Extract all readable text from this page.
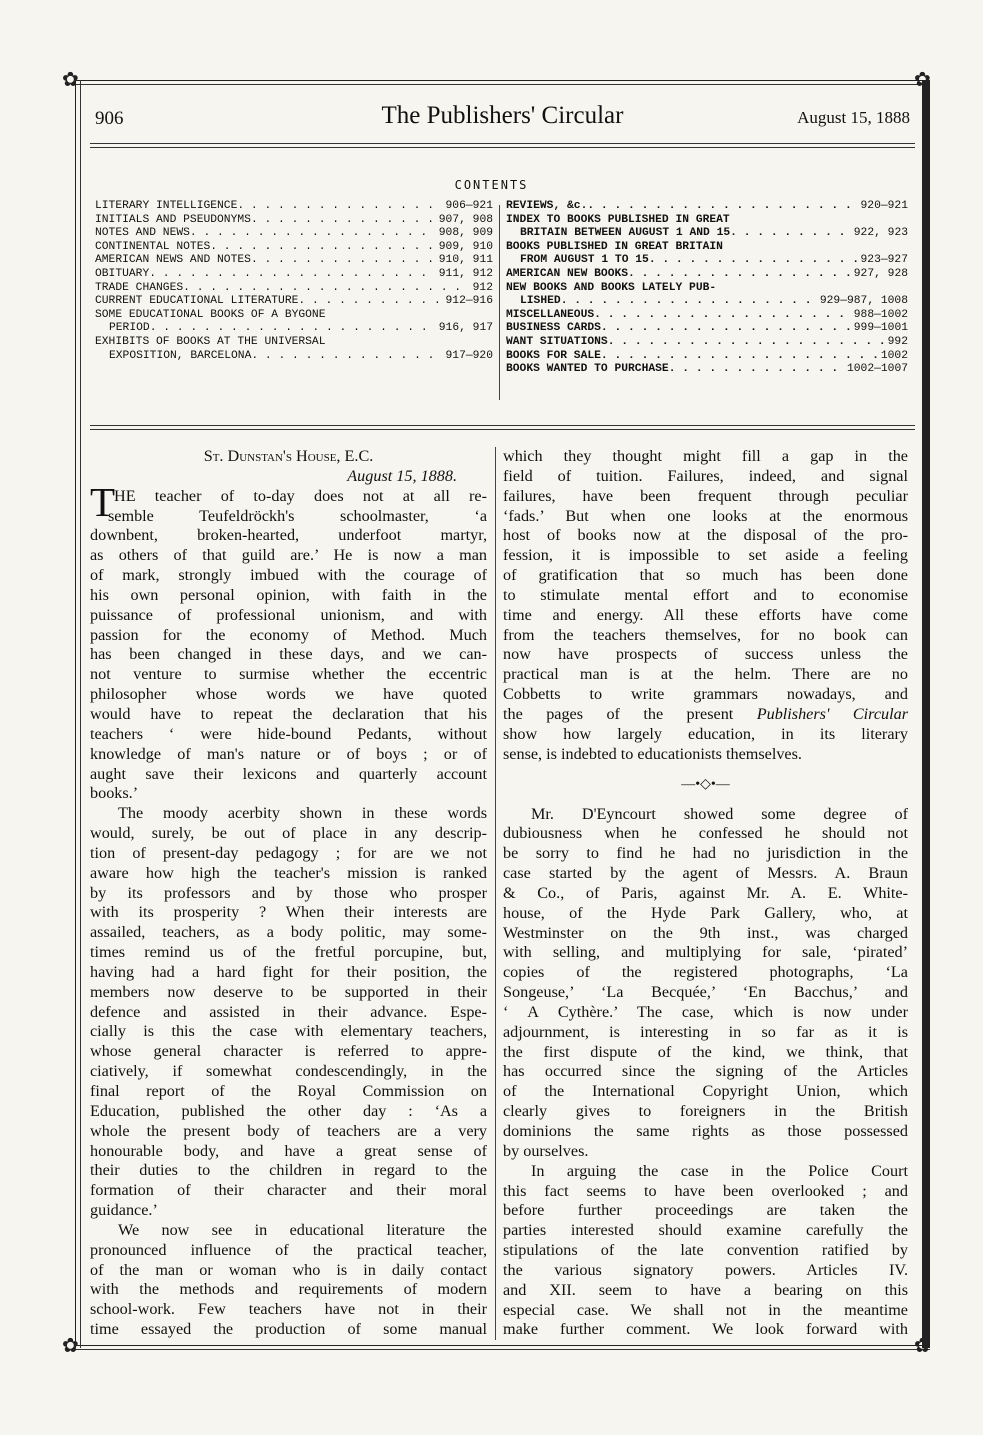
✿	✿
✿	✿
906	The Publishers' Circular	August 15, 1888
CONTENTS
LITERARY INTELLIGENCE . . .	906—921
INITIALS AND PSEUDONYMS . . .	907, 908
NOTES AND NEWS . . .	908, 909
CONTINENTAL NOTES . . .	909, 910
AMERICAN NEWS AND NOTES . . .	910, 911
OBITUARY . . .	911, 912
TRADE CHANGES . . .	912
CURRENT EDUCATIONAL LITERATURE . . .	912—916
SOME EDUCATIONAL BOOKS OF A BYGONE
PERIOD . . .	916, 917
EXHIBITS OF BOOKS AT THE UNIVERSAL
EXPOSITION, BARCELONA . . .	917—920
REVIEWS, &c. . . .	920—921
INDEX TO BOOKS PUBLISHED IN GREAT
BRITAIN BETWEEN AUGUST 1 AND 15 . . .	922, 923
BOOKS PUBLISHED IN GREAT BRITAIN
FROM AUGUST 1 TO 15 . . .	923—927
AMERICAN NEW BOOKS . . .	927, 928
NEW BOOKS AND BOOKS LATELY PUB-
LISHED . . .	929—987, 1008
MISCELLANEOUS . . .	988—1002
BUSINESS CARDS . . .	999—1001
WANT SITUATIONS . . .	992
BOOKS FOR SALE . . .	1002
BOOKS WANTED TO PURCHASE . . .	1002—1007
T
St. Dunstan's House, E.C.
August 15, 1888.
HE teacher of to-day does not at all re-
semble Teufeldröckh's schoolmaster, ‘a
downbent, broken-hearted, underfoot martyr,
as others of that guild are.’ He is now a man
of mark, strongly imbued with the courage of
his own personal opinion, with faith in the
puissance of professional unionism, and with
passion for the economy of Method. Much
has been changed in these days, and we can-
not venture to surmise whether the eccentric
philosopher whose words we have quoted
would have to repeat the declaration that his
teachers ‘ were hide-bound Pedants, without
knowledge of man's nature or of boys ; or of
aught save their lexicons and quarterly account
books.’
The moody acerbity shown in these words
would, surely, be out of place in any descrip-
tion of present-day pedagogy ; for are we not
aware how high the teacher's mission is ranked
by its professors and by those who prosper
with its prosperity ? When their interests are
assailed, teachers, as a body politic, may some-
times remind us of the fretful porcupine, but,
having had a hard fight for their position, the
members now deserve to be supported in their
defence and assisted in their advance. Espe-
cially is this the case with elementary teachers,
whose general character is referred to appre-
ciatively, if somewhat condescendingly, in the
final report of the Royal Commission on
Education, published the other day : ‘As a
whole the present body of teachers are a very
honourable body, and have a great sense of
their duties to the children in regard to the
formation of their character and their moral
guidance.’
We now see in educational literature the
pronounced influence of the practical teacher,
of the man or woman who is in daily contact
with the methods and requirements of modern
school-work. Few teachers have not in their
time essayed the production of some manual
which they thought might fill a gap in the
field of tuition. Failures, indeed, and signal
failures, have been frequent through peculiar
‘fads.’ But when one looks at the enormous
host of books now at the disposal of the pro-
fession, it is impossible to set aside a feeling
of gratification that so much has been done
to stimulate mental effort and to economise
time and energy. All these efforts have come
from the teachers themselves, for no book can
now have prospects of success unless the
practical man is at the helm. There are no
Cobbetts to write grammars nowadays, and
the pages of the present Publishers' Circular
show how largely education, in its literary
sense, is indebted to educationists themselves.
—•◇•—
Mr. D'Eyncourt showed some degree of
dubiousness when he confessed he should not
be sorry to find he had no jurisdiction in the
case started by the agent of Messrs. A. Braun
& Co., of Paris, against Mr. A. E. White-
house, of the Hyde Park Gallery, who, at
Westminster on the 9th inst., was charged
with selling, and multiplying for sale, ‘pirated’
copies of the registered photographs, ‘La
Songeuse,’ ‘La Becquée,’ ‘En Bacchus,’ and
‘ A Cythère.’ The case, which is now under
adjournment, is interesting in so far as it is
the first dispute of the kind, we think, that
has occurred since the signing of the Articles
of the International Copyright Union, which
clearly gives to foreigners in the British
dominions the same rights as those possessed
by ourselves.
In arguing the case in the Police Court
this fact seems to have been overlooked ; and
before further proceedings are taken the
parties interested should examine carefully the
stipulations of the late convention ratified by
the various signatory powers. Articles IV.
and XII. seem to have a bearing on this
especial case. We shall not in the meantime
make further comment. We look forward with
